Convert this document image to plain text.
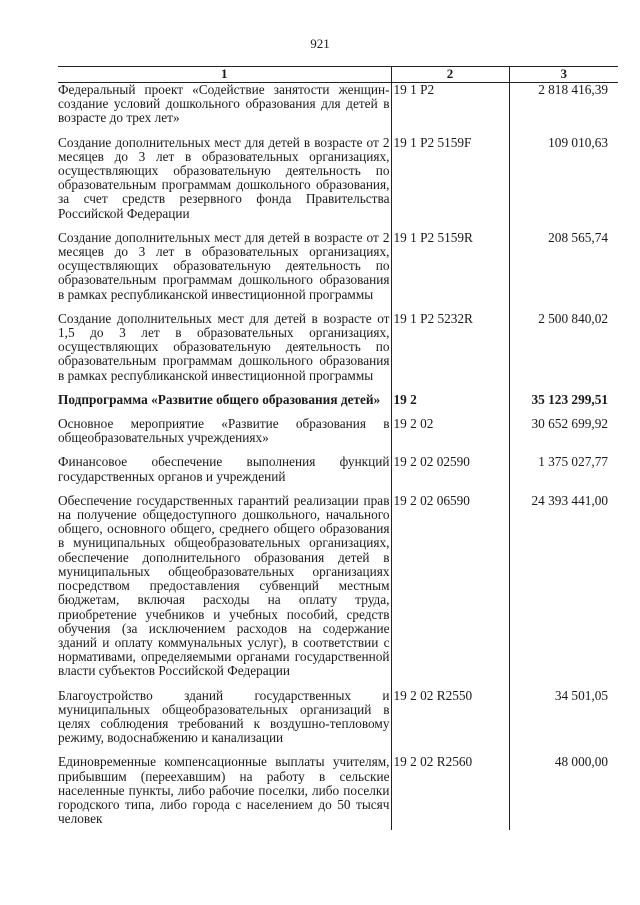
921
1	2	3
Федеральный проект «Содействие занятости женщин-создание условий дошкольного образования для детей в возрасте до трех лет»	19 1 P2	2 818 416,39
Создание дополнительных мест для детей в возрасте от 2 месяцев до 3 лет в образовательных организациях, осуществляющих образовательную деятельность по образовательным программам дошкольного образования, за счет средств резервного фонда Правительства Российской Федерации	19 1 P2 5159F	109 010,63
Создание дополнительных мест для детей в возрасте от 2 месяцев до 3 лет в образовательных организациях, осуществляющих образовательную деятельность по образовательным программам дошкольного образования в рамках республиканской инвестиционной программы	19 1 P2 5159R	208 565,74
Создание дополнительных мест для детей в возрасте от 1,5 до 3 лет в образовательных организациях, осуществляющих образовательную деятельность по образовательным программам дошкольного образования в рамках республиканской инвестиционной программы	19 1 P2 5232R	2 500 840,02
Подпрограмма «Развитие общего образования детей»	19 2	35 123 299,51
Основное мероприятие «Развитие образования в общеобразовательных учреждениях»	19 2 02	30 652 699,92
Финансовое обеспечение выполнения функций государственных органов и учреждений	19 2 02 02590	1 375 027,77
Обеспечение государственных гарантий реализации прав на получение общедоступного дошкольного, начального общего, основного общего, среднего общего образования в муниципальных общеобразовательных организациях, обеспечение дополнительного образования детей в муниципальных общеобразовательных организациях посредством предоставления субвенций местным бюджетам, включая расходы на оплату труда, приобретение учебников и учебных пособий, средств обучения (за исключением расходов на содержание зданий и оплату коммунальных услуг), в соответствии с нормативами, определяемыми органами государственной власти субъектов Российской Федерации	19 2 02 06590	24 393 441,00
Благоустройство зданий государственных и муниципальных общеобразовательных организаций в целях соблюдения требований к воздушно-тепловому режиму, водоснабжению и канализации	19 2 02 R2550	34 501,05
Единовременные компенсационные выплаты учителям, прибывшим (переехавшим) на работу в сельские населенные пункты, либо рабочие поселки, либо поселки городского типа, либо города с населением до 50 тысяч человек	19 2 02 R2560	48 000,00
